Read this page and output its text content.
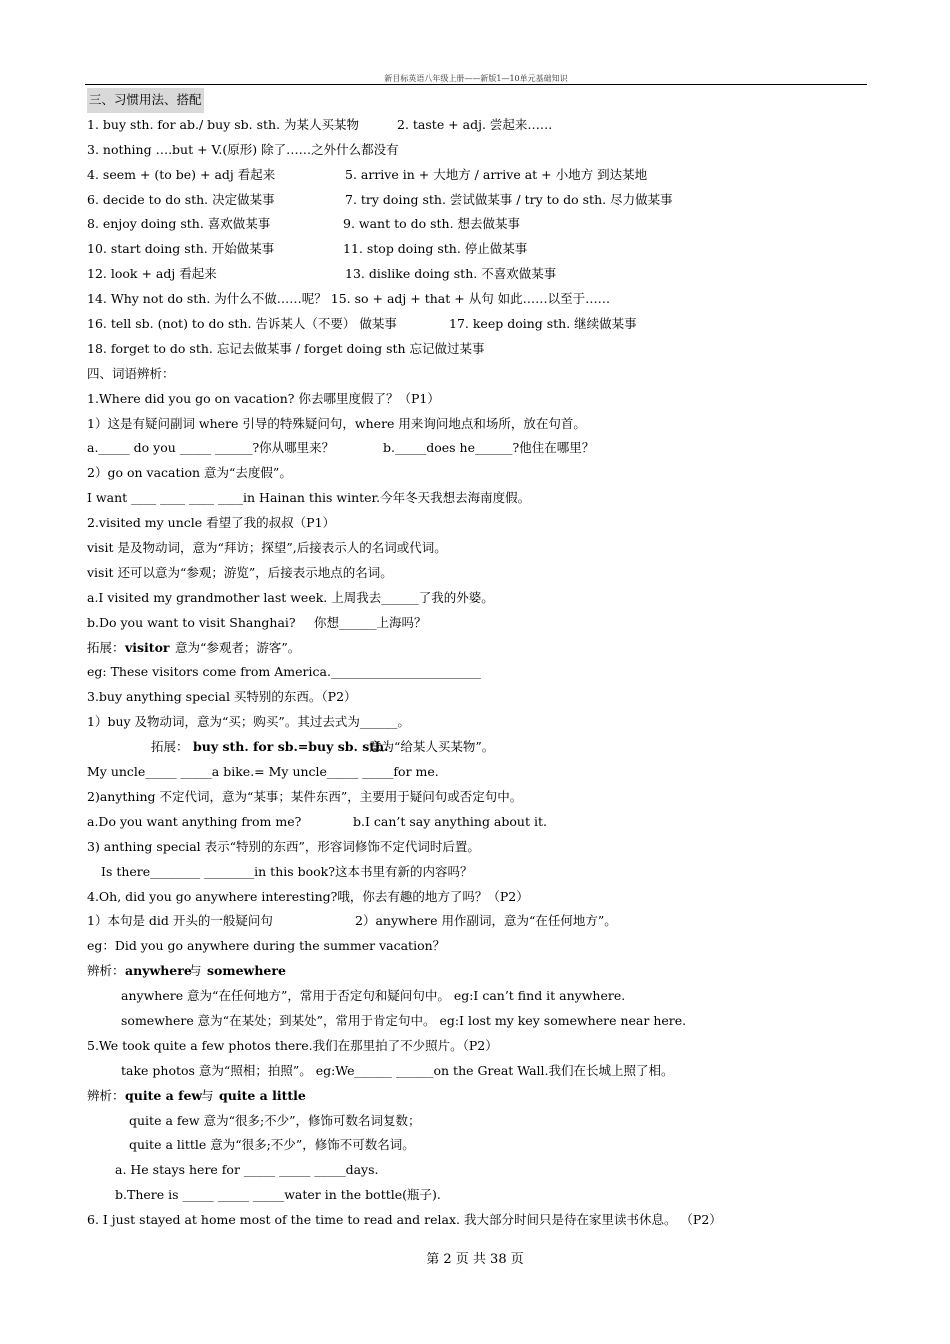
新目标英语八年级上册——新版1—10单元基础知识
三、习惯用法、搭配
1. buy sth. for ab./ buy sb. sth. 为某人买某物	2. taste + adj. 尝起来……
3. nothing ….but + V.(原形) 除了……之外什么都没有
4. seem + (to be) + adj 看起来	5. arrive in + 大地方 / arrive at + 小地方 到达某地
6. decide to do sth. 决定做某事	7. try doing sth. 尝试做某事 / try to do sth. 尽力做某事
8. enjoy doing sth. 喜欢做某事	9. want to do sth. 想去做某事
10. start doing sth. 开始做某事	11. stop doing sth. 停止做某事
12. look + adj 看起来	13. dislike doing sth. 不喜欢做某事
14. Why not do sth. 为什么不做……呢？ 15. so + adj + that + 从句 如此……以至于……
16. tell sb. (not) to do sth. 告诉某人（不要） 做某事	17. keep doing sth. 继续做某事
18. forget to do sth. 忘记去做某事 / forget doing sth 忘记做过某事
四、词语辨析：
1.Where did you go on vacation? 你去哪里度假了？（P1）
1）这是有疑问副词 where 引导的特殊疑问句，where 用来询问地点和场所，放在句首。
a._____ do you _____ ______?你从哪里来？	b._____does he______?他住在哪里？
2）go on vacation 意为“去度假”。
I want ____ ____ ____ ____in Hainan this winter.今年冬天我想去海南度假。
2.visited my uncle 看望了我的叔叔（P1）
visit 是及物动词，意为“拜访；探望”,后接表示人的名词或代词。
visit 还可以意为“参观；游览”，后接表示地点的名词。
a.I visited my grandmother last week. 上周我去______了我的外婆。
b.Do you want to visit Shanghai? 你想______上海吗？
拓展： visitor 意为“参观者；游客”。
eg: These visitors come from America.________________________
3.buy anything special 买特别的东西。（P2）
1）buy 及物动词，意为“买；购买”。其过去式为______。
拓展： buy sth. for sb.=buy sb. sth.
意为“给某人买某物”。
My uncle_____ _____a bike.= My uncle_____ _____for me.
2)anything 不定代词，意为“某事；某件东西”，主要用于疑问句或否定句中。
a.Do you want anything from me?	b.I can’t say anything about it.
3) anthing special 表示“特别的东西”，形容词修饰不定代词时后置。
Is there________ ________in this book?这本书里有新的内容吗？
4.Oh, did you go anywhere interesting?哦，你去有趣的地方了吗？（P2）
1）本句是 did 开头的一般疑问句	2）anywhere 用作副词，意为“在任何地方”。
eg：Did you go anywhere during the summer vacation？
辨析： anywhere
与 somewhere
anywhere 意为“在任何地方”，常用于否定句和疑问句中。 eg:I can’t find it anywhere.
somewhere 意为“在某处；到某处”，常用于肯定句中。 eg:I lost my key somewhere near here.
5.We took quite a few photos there.我们在那里拍了不少照片。（P2）
take photos 意为“照相；拍照”。 eg:We______ ______on the Great Wall.我们在长城上照了相。
辨析： quite a few
与 quite a little
quite a few 意为“很多;不少”，修饰可数名词复数；
quite a little 意为“很多;不少”，修饰不可数名词。
a. He stays here for _____ _____ _____days.
b.There is _____ _____ _____water in the bottle(瓶子).
6. I just stayed at home most of the time to read and relax. 我大部分时间只是待在家里读书休息。 （P2）
第 2 页 共 38 页
